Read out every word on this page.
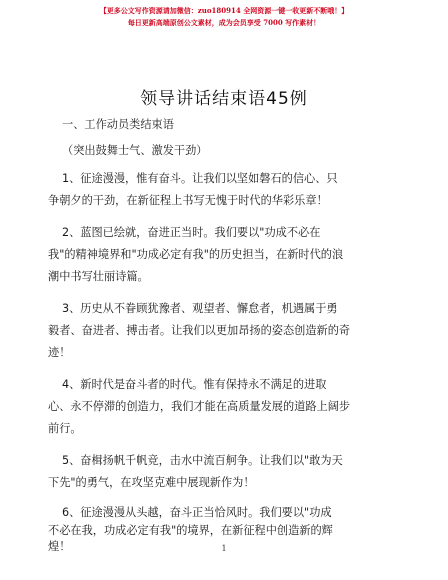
【更多公文写作资源请加微信：zuo180914 全网资源一键一收更新不断哦！】
每日更新高端原创公文素材，成为会员享受 7000 写作素材！
领导讲话结束语45例
一、工作动员类结束语
（突出鼓舞士气、激发干劲）
1、征途漫漫，惟有奋斗。让我们以坚如磐石的信心、只
争朝夕的干劲，在新征程上书写无愧于时代的华彩乐章！
2、蓝图已绘就，奋进正当时。我们要以"功成不必在
我"的精神境界和"功成必定有我"的历史担当，在新时代的浪
潮中书写壮丽诗篇。
3、历史从不眷顾犹豫者、观望者、懈怠者，机遇属于勇
毅者、奋进者、搏击者。让我们以更加昂扬的姿态创造新的奇
迹！
4、新时代是奋斗者的时代。惟有保持永不满足的进取
心、永不停滞的创造力，我们才能在高质量发展的道路上阔步
前行。
5、奋楫扬帆千帆竞，击水中流百舸争。让我们以"敢为天
下先"的勇气，在攻坚克难中展现新作为！
6、征途漫漫从头越，奋斗正当恰风时。我们要以"功成
不必在我，功成必定有我"的境界，在新征程中创造新的辉
煌！	1
